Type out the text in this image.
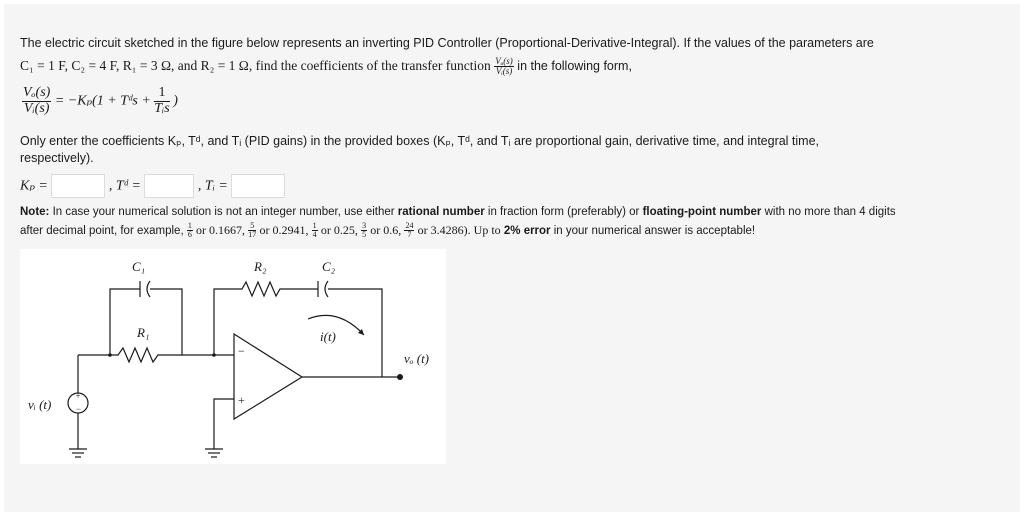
The electric circuit sketched in the figure below represents an inverting PID Controller (Proportional-Derivative-Integral). If the values of the parameters are
C₁ = 1 F, C₂ = 4 F, R₁ = 3 Ω, and R₂ = 1 Ω, find the coefficients of the transfer function $\frac{\text{Vₒ(s)}}{\text{Vᵢ(s)}}$ in the following form,
$\frac{\text{Vₒ(s)}}{\text{Vᵢ(s)}} = -K_p(1$ + Tᵈs + $\frac{1}{\text{Tᵢs}}$ )
Only enter the coefficients Kₚ, Tᵈ, and Tᵢ (PID gains) in the provided boxes (Kₚ, Tᵈ, and Tᵢ are proportional gain, derivative time, and integral time,
respectively).
Kₚ =	, Tᵈ =	, Tᵢ =
Note: In case your numerical solution is not an integer number, use either rational number in fraction form (preferably) or floating-point number with no more than 4 digits
after decimal point, for example, $\frac{1}{6}$ or 0.1667, $\frac{5}{17}$ or 0.2941, $\frac{1}{4}$ or 0.25, $\frac{3}{5}$ or 0.6, $\frac{24}{7}$ or 3.4286). Up to 2% error in your numerical answer is acceptable!
C₁	R₂	C₂
R₁	i(t)
vₒ (t)
vᵢ (t)
−
+
+
−
